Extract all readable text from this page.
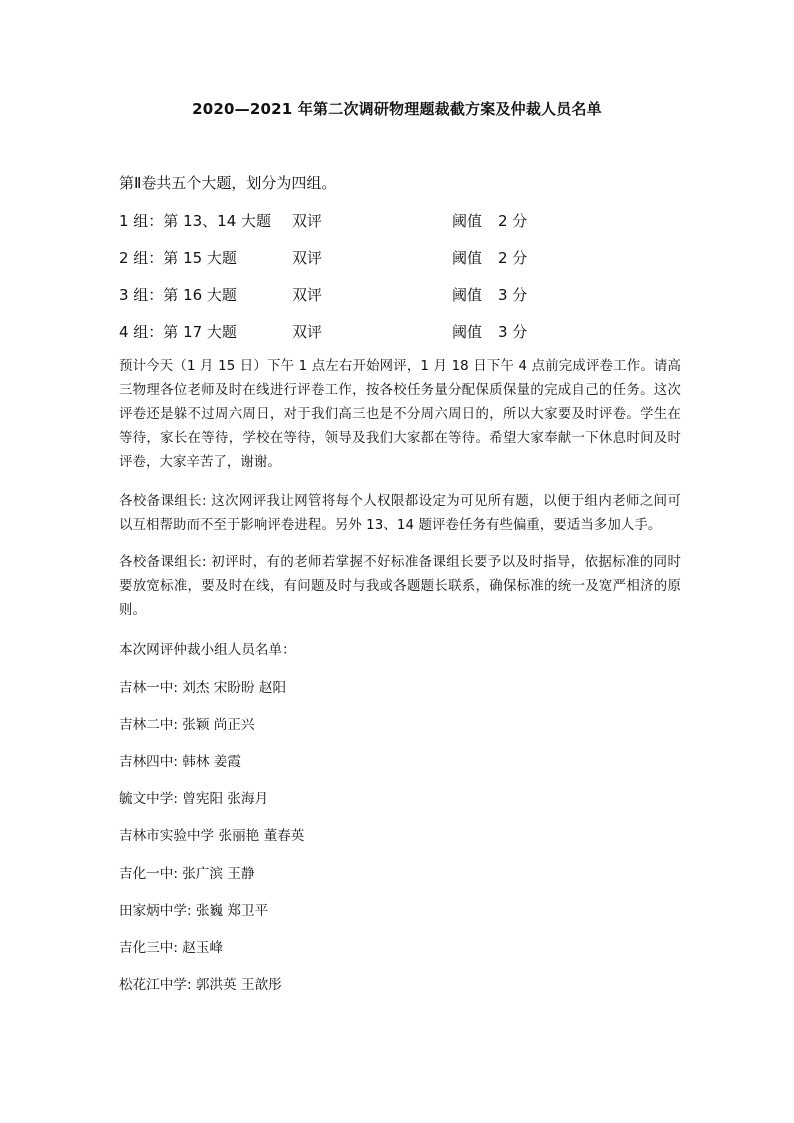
2020—2021 年第二次调研物理题裁截方案及仲裁人员名单
第Ⅱ卷共五个大题，划分为四组。
1 组：第 13、14 大题 双评	阈值 2 分
2 组：第 15 大题	双评	阈值 2 分
3 组：第 16 大题	双评	阈值 3 分
4 组：第 17 大题	双评	阈值 3 分

预计今天（1 月 15 日）下午 1 点左右开始网评，1 月 18 日下午 4 点前完成评卷工作。请高三物理各位老师及时在线进行评卷工作，按各校任务量分配保质保量的完成自己的任务。这次评卷还是躲不过周六周日，对于我们高三也是不分周六周日的，所以大家要及时评卷。学生在等待，家长在等待，学校在等待，领导及我们大家都在等待。希望大家奉献一下休息时间及时评卷，大家辛苦了，谢谢。

各校备课组长: 这次网评我让网管将每个人权限都设定为可见所有题，以便于组内老师之间可以互相帮助而不至于影响评卷进程。另外 13、14 题评卷任务有些偏重，要适当多加人手。

各校备课组长: 初评时，有的老师若掌握不好标准备课组长要予以及时指导，依据标准的同时要放宽标准，要及时在线，有问题及时与我或各题题长联系，确保标准的统一及宽严相济的原则。

本次网评仲裁小组人员名单：
吉林一中: 刘杰 宋盼盼 赵阳
吉林二中: 张颖 尚正兴
吉林四中: 韩林 姜霞
毓文中学: 曾宪阳 张海月
吉林市实验中学 张丽艳 董春英
吉化一中: 张广滨 王静
田家炳中学: 张巍 郑卫平
吉化三中: 赵玉峰
松花江中学: 郭洪英 王歆彤
